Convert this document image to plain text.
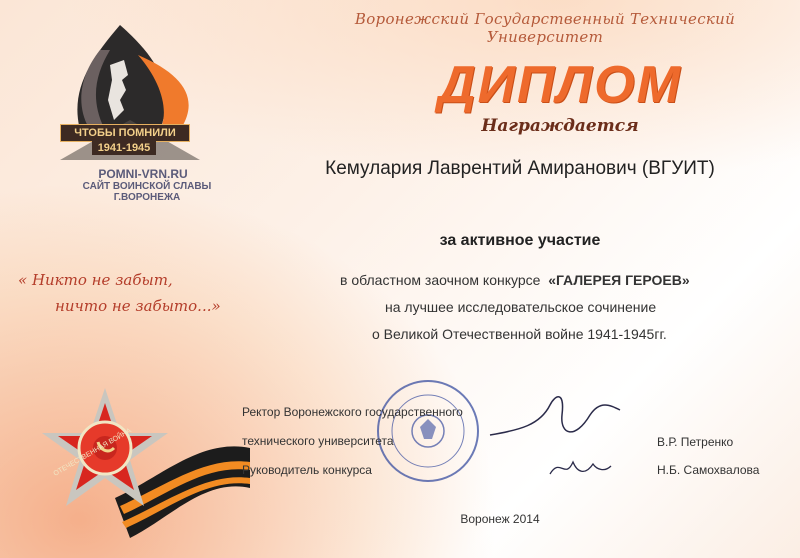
ЧТОБЫ ПОМНИЛИ
1941-1945
POMNI-VRN.RU
САЙТ ВОИНСКОЙ СЛАВЫ Г.ВОРОНЕЖА
« Никто не забыт,
ничто не забыто...»
Воронежский Государственный Технический Университет
ДИПЛОМ
Награждается
Кемулария Лаврентий Амиранович (ВГУИТ)
за активное участие
в областном заочном конкурсе «ГАЛЕРЕЯ ГЕРОЕВ»
на лучшее исследовательское сочинение
о Великой Отечественной войне 1941-1945гг.
ОТЕЧЕСТВЕННАЯ ВОЙНА
Ректор Воронежского государственного
технического университета	В.Р. Петренко
Руководитель конкурса	Н.Б. Самохвалова
Воронеж 2014
